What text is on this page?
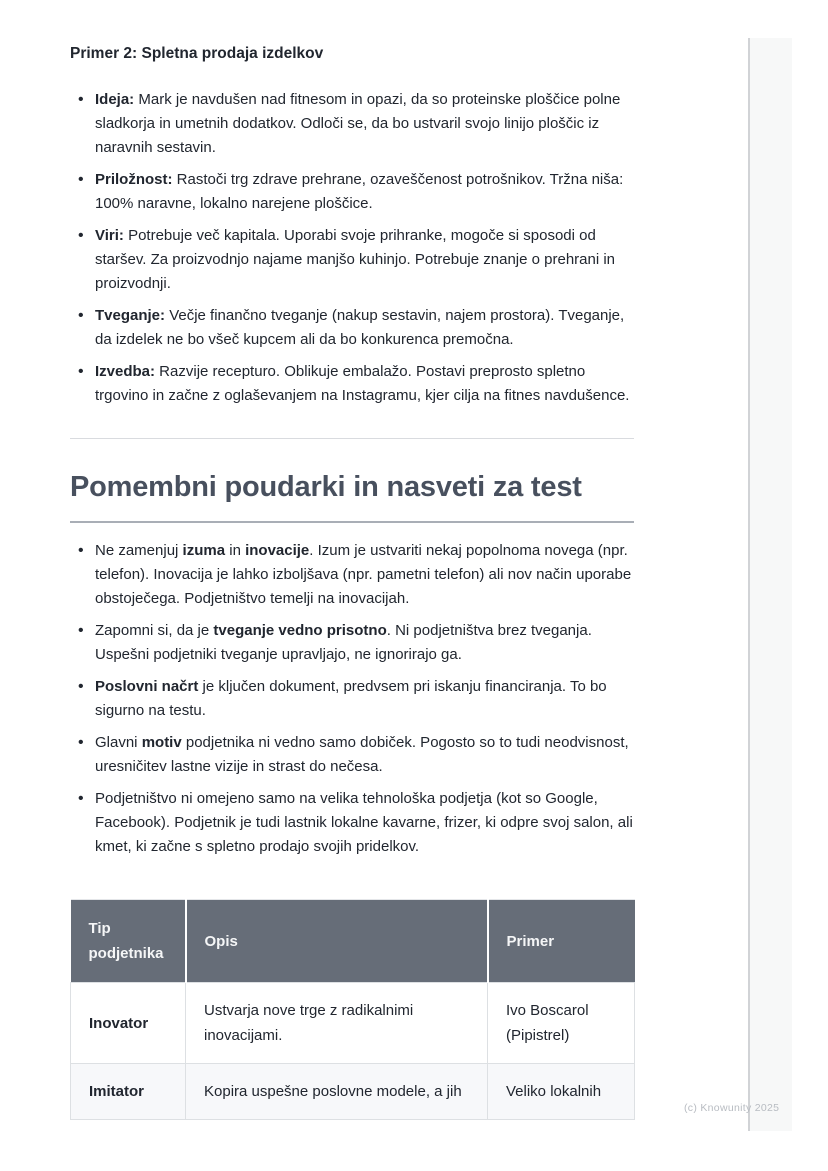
Primer 2: Spletna prodaja izdelkov
• Ideja: Mark je navdušen nad fitnesom in opazi, da so proteinske ploščice polne sladkorja in umetnih dodatkov. Odloči se, da bo ustvaril svojo linijo ploščic iz naravnih sestavin.
• Priložnost: Rastoči trg zdrave prehrane, ozaveščenost potrošnikov. Tržna niša: 100% naravne, lokalno narejene ploščice.
• Viri: Potrebuje več kapitala. Uporabi svoje prihranke, mogoče si sposodi od staršev. Za proizvodnjo najame manjšo kuhinjo. Potrebuje znanje o prehrani in proizvodnji.
• Tveganje: Večje finančno tveganje (nakup sestavin, najem prostora). Tveganje, da izdelek ne bo všeč kupcem ali da bo konkurenca premočna.
• Izvedba: Razvije recepturo. Oblikuje embalažo. Postavi preprosto spletno trgovino in začne z oglaševanjem na Instagramu, kjer cilja na fitnes navdušence.
Pomembni poudarki in nasveti za test
• Ne zamenjuj izuma in inovacije. Izum je ustvariti nekaj popolnoma novega (npr. telefon). Inovacija je lahko izboljšava (npr. pametni telefon) ali nov način uporabe obstoječega. Podjetništvo temelji na inovacijah.
• Zapomni si, da je tveganje vedno prisotno. Ni podjetništva brez tveganja. Uspešni podjetniki tveganje upravljajo, ne ignorirajo ga.
• Poslovni načrt je ključen dokument, predvsem pri iskanju financiranja. To bo sigurno na testu.
• Glavni motiv podjetnika ni vedno samo dobiček. Pogosto so to tudi neodvisnost, uresničitev lastne vizije in strast do nečesa.
• Podjetništvo ni omejeno samo na velika tehnološka podjetja (kot so Google, Facebook). Podjetnik je tudi lastnik lokalne kavarne, frizer, ki odpre svoj salon, ali kmet, ki začne s spletno prodajo svojih pridelkov.
Tip podjetnika	Opis	Primer
Inovator	Ustvarja nove trge z radikalnimi inovacijami.	Ivo Boscarol (Pipistrel)
Imitator	Kopira uspešne poslovne modele, a jih	Veliko lokalnih
(c) Knowunity 2025
